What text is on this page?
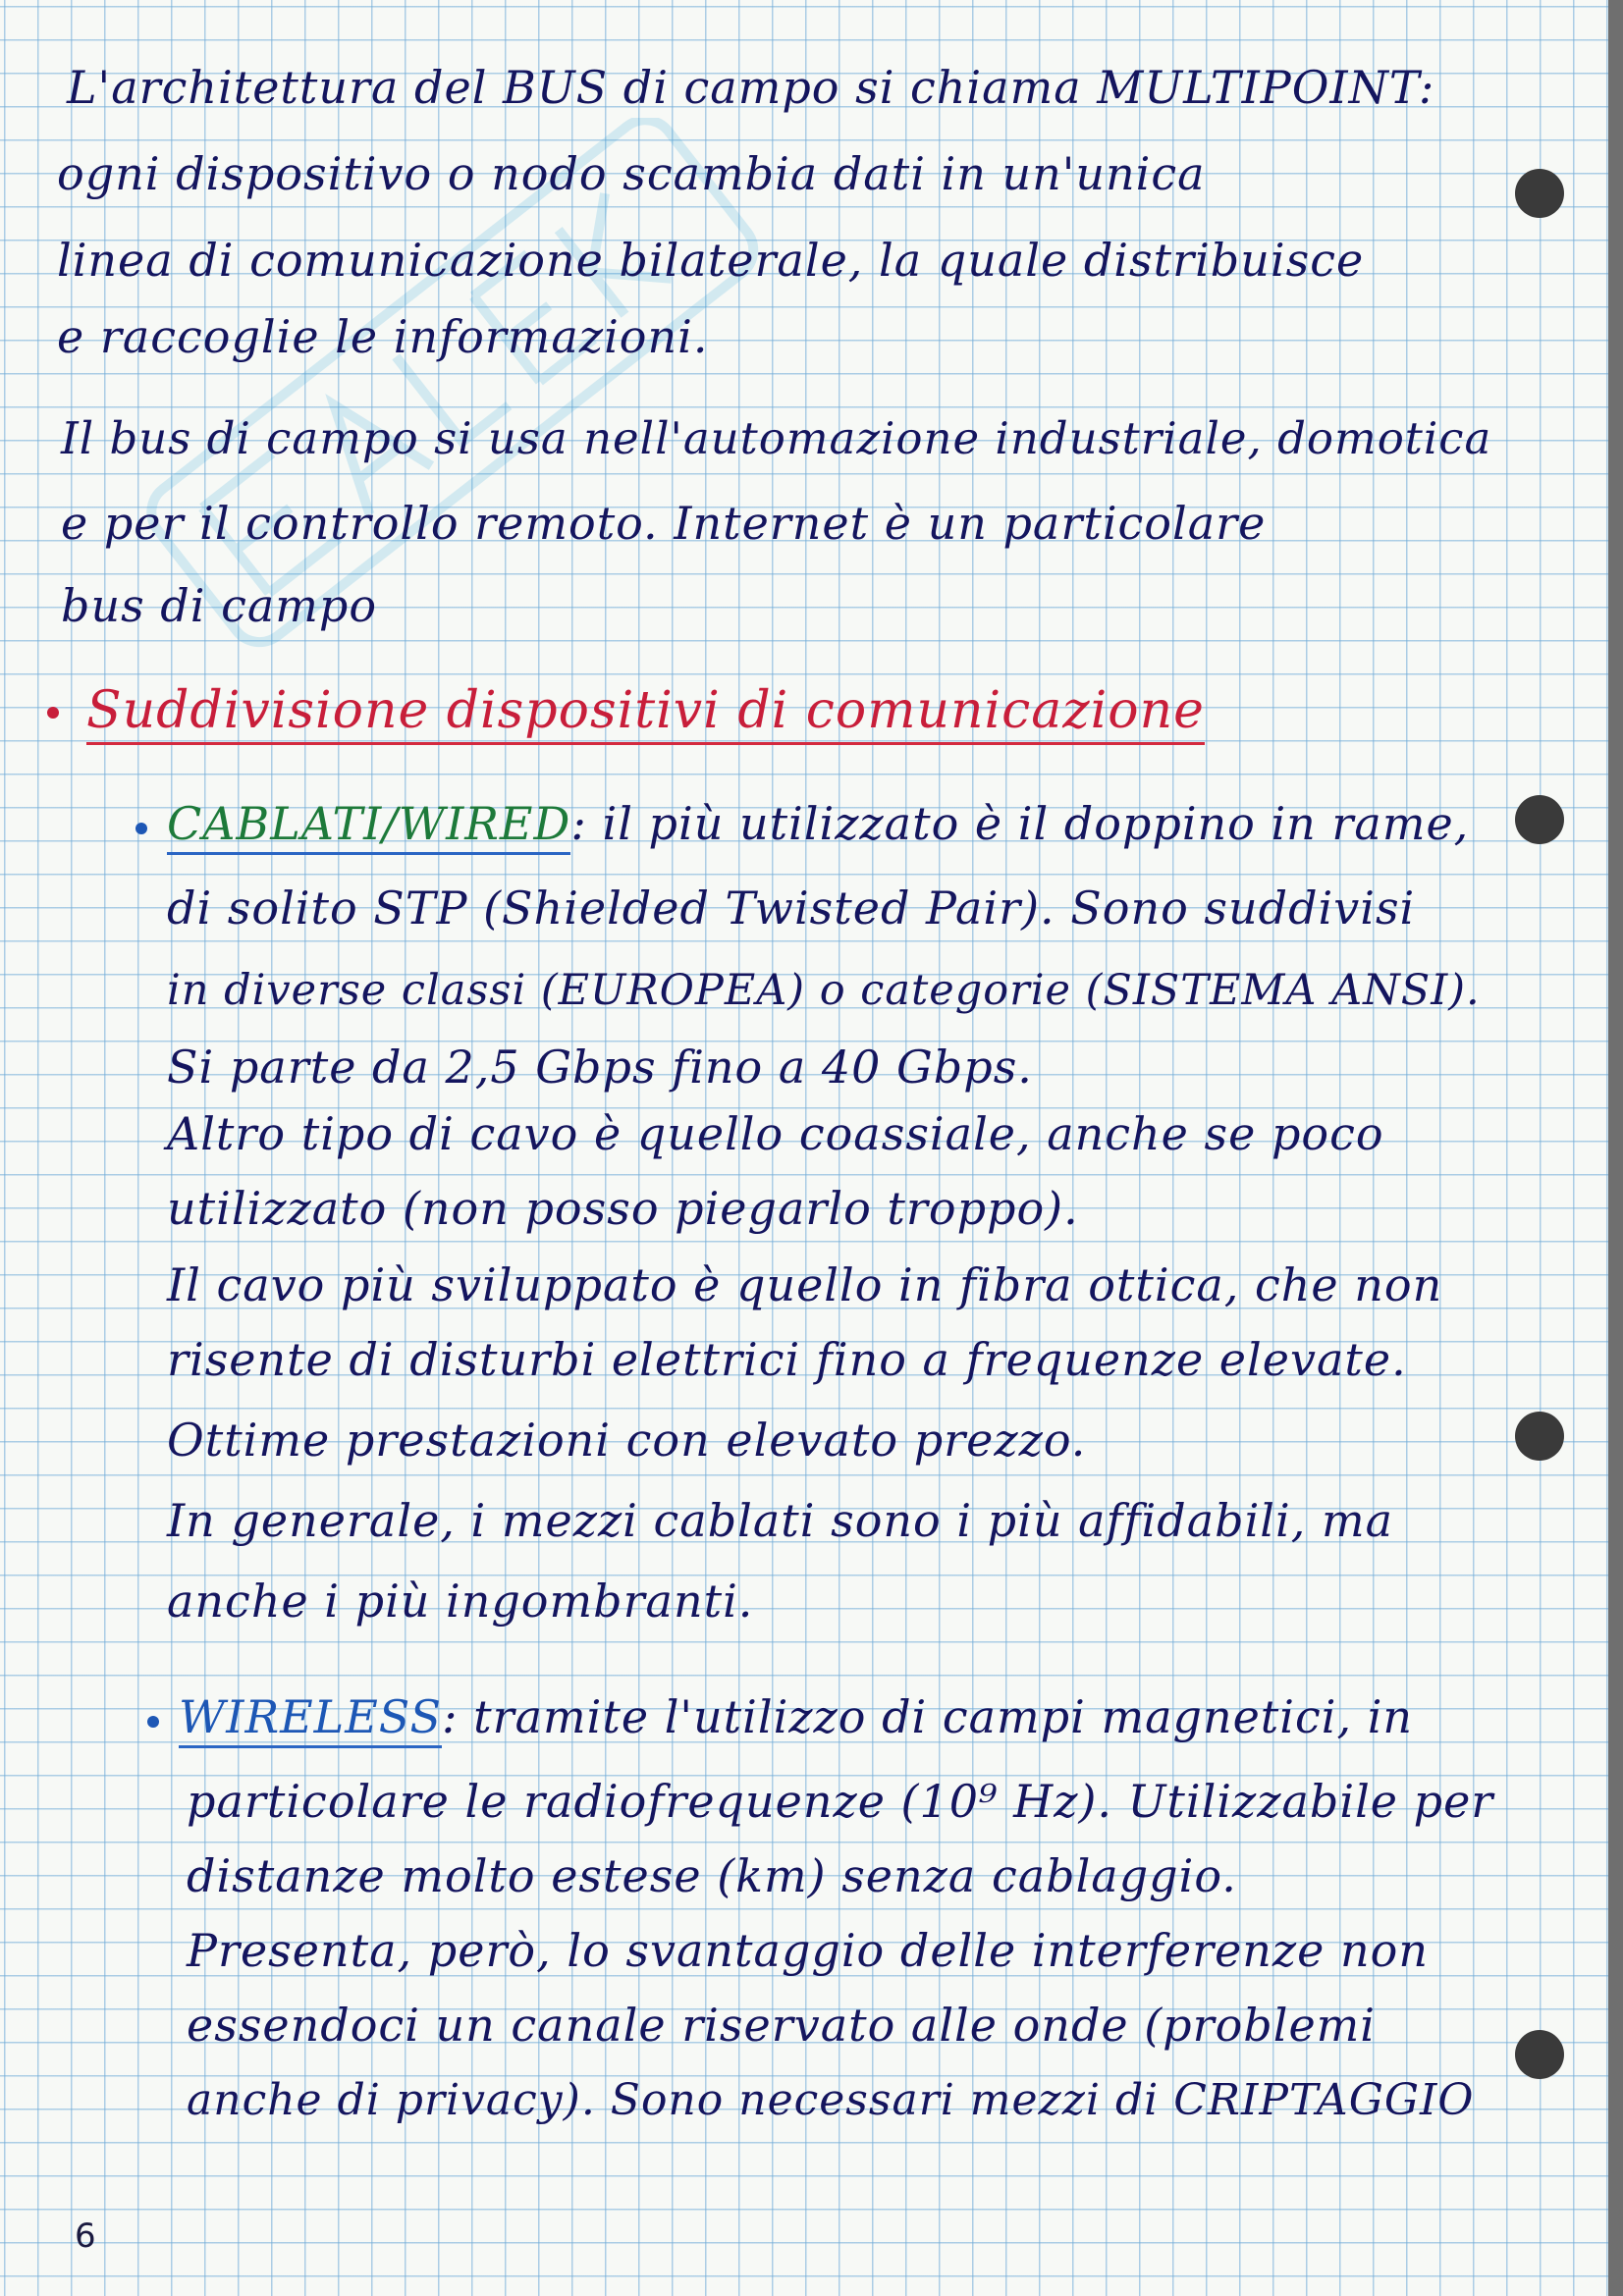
L'architettura del BUS di campo si chiama MULTIPOINT:
ogni dispositivo o nodo scambia dati in un'unica
linea di comunicazione bilaterale, la quale distribuisce
e raccoglie le informazioni.
Il bus di campo si usa nell'automazione industriale, domotica
e per il controllo remoto. Internet è un particolare
bus di campo
Suddivisione dispositivi di comunicazione
CABLATI/WIRED: il più utilizzato è il doppino in rame,
di solito STP (Shielded Twisted Pair). Sono suddivisi
in diverse classi (EUROPEA) o categorie (SISTEMA ANSI).
Si parte da 2,5 Gbps fino a 40 Gbps.
Altro tipo di cavo è quello coassiale, anche se poco
utilizzato (non posso piegarlo troppo).
Il cavo più sviluppato è quello in fibra ottica, che non
risente di disturbi elettrici fino a frequenze elevate.
Ottime prestazioni con elevato prezzo.
In generale, i mezzi cablati sono i più affidabili, ma
anche i più ingombranti.
WIRELESS: tramite l'utilizzo di campi magnetici, in
particolare le radiofrequenze (10⁹ Hz). Utilizzabile per
distanze molto estese (km) senza cablaggio.
Presenta, però, lo svantaggio delle interferenze non
essendoci un canale riservato alle onde (problemi
anche di privacy). Sono necessari mezzi di CRIPTAGGIO
6
